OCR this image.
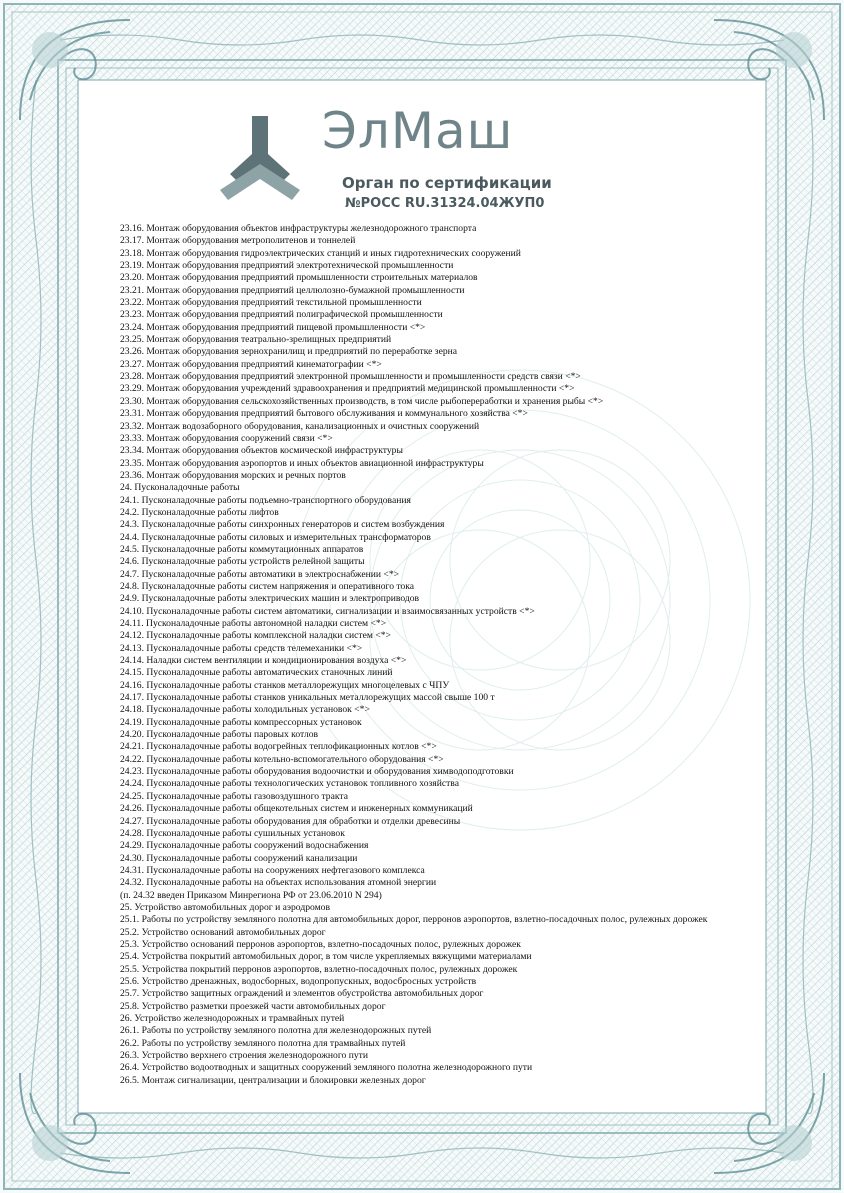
ЭлМаш
Орган по сертификации
№РОСС RU.31324.04ЖУП0
23.16. Монтаж оборудования объектов инфраструктуры железнодорожного транспорта
23.17. Монтаж оборудования метрополитенов и тоннелей
23.18. Монтаж оборудования гидроэлектрических станций и иных гидротехнических сооружений
23.19. Монтаж оборудования предприятий электротехнической промышленности
23.20. Монтаж оборудования предприятий промышленности строительных материалов
23.21. Монтаж оборудования предприятий целлюлозно-бумажной промышленности
23.22. Монтаж оборудования предприятий текстильной промышленности
23.23. Монтаж оборудования предприятий полиграфической промышленности
23.24. Монтаж оборудования предприятий пищевой промышленности <*>
23.25. Монтаж оборудования театрально-зрелищных предприятий
23.26. Монтаж оборудования зернохранилищ и предприятий по переработке зерна
23.27. Монтаж оборудования предприятий кинематографии <*>
23.28. Монтаж оборудования предприятий электронной промышленности и промышленности средств связи <*>
23.29. Монтаж оборудования учреждений здравоохранения и предприятий медицинской промышленности <*>
23.30. Монтаж оборудования сельскохозяйственных производств, в том числе рыбопереработки и хранения рыбы <*>
23.31. Монтаж оборудования предприятий бытового обслуживания и коммунального хозяйства <*>
23.32. Монтаж водозаборного оборудования, канализационных и очистных сооружений
23.33. Монтаж оборудования сооружений связи <*>
23.34. Монтаж оборудования объектов космической инфраструктуры
23.35. Монтаж оборудования аэропортов и иных объектов авиационной инфраструктуры
23.36. Монтаж оборудования морских и речных портов
24. Пусконаладочные работы
24.1. Пусконаладочные работы подъемно-транспортного оборудования
24.2. Пусконаладочные работы лифтов
24.3. Пусконаладочные работы синхронных генераторов и систем возбуждения
24.4. Пусконаладочные работы силовых и измерительных трансформаторов
24.5. Пусконаладочные работы коммутационных аппаратов
24.6. Пусконаладочные работы устройств релейной защиты
24.7. Пусконаладочные работы автоматики в электроснабжении <*>
24.8. Пусконаладочные работы систем напряжения и оперативного тока
24.9. Пусконаладочные работы электрических машин и электроприводов
24.10. Пусконаладочные работы систем автоматики, сигнализации и взаимосвязанных устройств <*>
24.11. Пусконаладочные работы автономной наладки систем <*>
24.12. Пусконаладочные работы комплексной наладки систем <*>
24.13. Пусконаладочные работы средств телемеханики <*>
24.14. Наладки систем вентиляции и кондиционирования воздуха <*>
24.15. Пусконаладочные работы автоматических станочных линий
24.16. Пусконаладочные работы станков металлорежущих многоцелевых с ЧПУ
24.17. Пусконаладочные работы станков уникальных металлорежущих массой свыше 100 т
24.18. Пусконаладочные работы холодильных установок <*>
24.19. Пусконаладочные работы компрессорных установок
24.20. Пусконаладочные работы паровых котлов
24.21. Пусконаладочные работы водогрейных теплофикационных котлов <*>
24.22. Пусконаладочные работы котельно-вспомогательного оборудования <*>
24.23. Пусконаладочные работы оборудования водоочистки и оборудования химводоподготовки
24.24. Пусконаладочные работы технологических установок топливного хозяйства
24.25. Пусконаладочные работы газовоздушного тракта
24.26. Пусконаладочные работы общекотельных систем и инженерных коммуникаций
24.27. Пусконаладочные работы оборудования для обработки и отделки древесины
24.28. Пусконаладочные работы сушильных установок
24.29. Пусконаладочные работы сооружений водоснабжения
24.30. Пусконаладочные работы сооружений канализации
24.31. Пусконаладочные работы на сооружениях нефтегазового комплекса
24.32. Пусконаладочные работы на объектах использования атомной энергии
(п. 24.32 введен Приказом Минрегиона РФ от 23.06.2010 N 294)
25. Устройство автомобильных дорог и аэродромов
25.1. Работы по устройству земляного полотна для автомобильных дорог, перронов аэропортов, взлетно-посадочных полос, рулежных дорожек
25.2. Устройство оснований автомобильных дорог
25.3. Устройство оснований перронов аэропортов, взлетно-посадочных полос, рулежных дорожек
25.4. Устройства покрытий автомобильных дорог, в том числе укрепляемых вяжущими материалами
25.5. Устройства покрытий перронов аэропортов, взлетно-посадочных полос, рулежных дорожек
25.6. Устройство дренажных, водосборных, водопропускных, водосбросных устройств
25.7. Устройство защитных ограждений и элементов обустройства автомобильных дорог
25.8. Устройство разметки проезжей части автомобильных дорог
26. Устройство железнодорожных и трамвайных путей
26.1. Работы по устройству земляного полотна для железнодорожных путей
26.2. Работы по устройству земляного полотна для трамвайных путей
26.3. Устройство верхнего строения железнодорожного пути
26.4. Устройство водоотводных и защитных сооружений земляного полотна железнодорожного пути
26.5. Монтаж сигнализации, централизации и блокировки железных дорог
